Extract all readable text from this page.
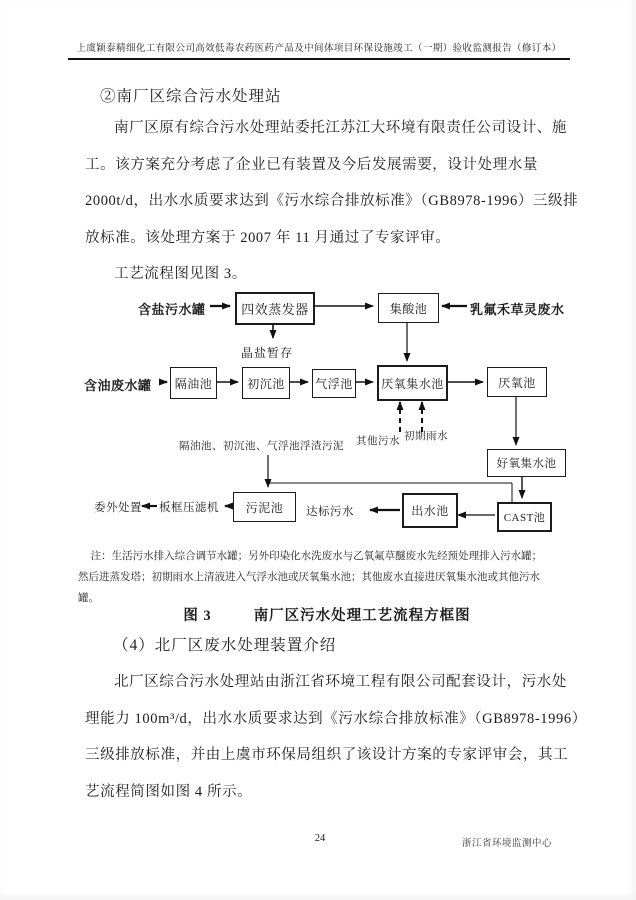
上虞颖泰精细化工有限公司高效低毒农药医药产品及中间体项目环保设施竣工（一期）验收监测报告（修订本）
②南厂区综合污水处理站
南厂区原有综合污水处理站委托江苏江大环境有限责任公司设计、施
工。该方案充分考虑了企业已有装置及今后发展需要，设计处理水量
2000t/d，出水水质要求达到《污水综合排放标准》（GB8978-1996）三级排
放标准。该处理方案于 2007 年 11 月通过了专家评审。
工艺流程图见图 3。
含盐污水罐	乳氟禾草灵废水
含油废水罐
其他污水 初期雨水
四效蒸发器	集酸池
隔油池	初沉池	气浮池	厌氧集水池	厌氧池
好氧集水池
CAST池
出水池
污泥池
晶盐暂存
隔油池、初沉池、气浮池浮渣污泥
达标污水
板框压滤机
委外处置
注：生活污水排入综合调节水罐；另外印染化水洗废水与乙氧氟草醚废水先经预处理排入污水罐；
然后进蒸发塔；初期雨水上清液进入气浮水池或厌氧集水池；其他废水直接进厌氧集水池或其他污水
罐。
图 3	南厂区污水处理工艺流程方框图
（4）北厂区废水处理装置介绍
北厂区综合污水处理站由浙江省环境工程有限公司配套设计，污水处
理能力 100m³/d，出水水质要求达到《污水综合排放标准》（GB8978-1996）
三级排放标准，并由上虞市环保局组织了该设计方案的专家评审会，其工
艺流程简图如图 4 所示。
24	浙江省环境监测中心
